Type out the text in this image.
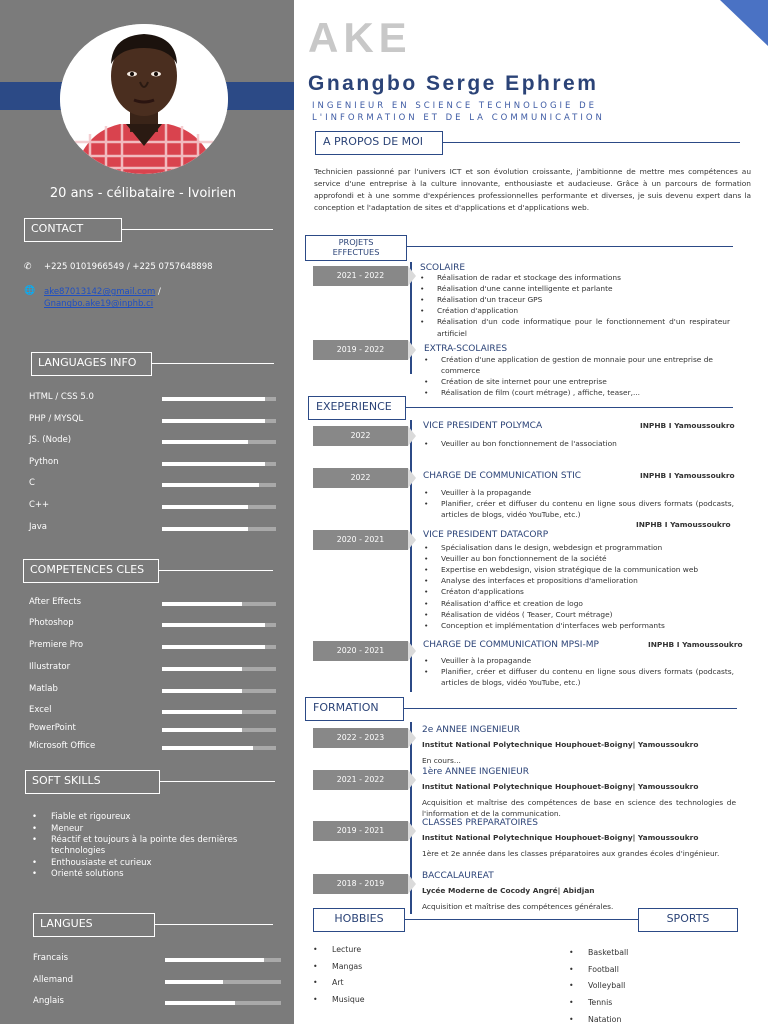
20 ans - célibataire - Ivoirien
CONTACT
✆	+225 0101966549 / +225 0757648898
🌐 ake87013142@gmail.com /
Gnangbo.ake19@inphb.ci
LANGUAGES INFO
HTML / CSS 5.0
PHP / MYSQL
JS. (Node)
Python
C
C++
Java
COMPETENCES CLES
After Effects
Photoshop
Premiere Pro
Illustrator
Matlab
Excel
PowerPoint
Microsoft Office
SOFT SKILLS
• Fiable et rigoureux
• Meneur
• Réactif et toujours à la pointe des dernières technologies
• Enthousiaste et curieux
• Orienté solutions
LANGUES
Francais
Allemand
Anglais
AKE
Gnangbo Serge Ephrem
INGENIEUR EN SCIENCE TECHNOLOGIE DE
L'INFORMATION ET DE LA COMMUNICATION
A PROPOS DE MOI
Technicien passionné par l'univers ICT et son évolution croissante, j'ambitionne de mettre mes compétences au service d'une entreprise à la culture innovante, enthousiaste et audacieuse. Grâce à un parcours de formation approfondi et à une somme d'expériences professionnelles performante et diverses, je suis devenu expert dans la conception et l'adaptation de sites et d'applications et d'applications web.
PROJETS
EFFECTUES
2021 - 2022
SCOLAIRE
• Réalisation de radar et stockage des informations
• Réalisation d'une canne intelligente et parlante
• Réalisation d'un traceur GPS
• Création d'application
• Réalisation d'un code informatique pour le fonctionnement d'un respirateur artificiel
2019 - 2022	EXTRA-SCOLAIRES
• Création d'une application de gestion de monnaie pour une entreprise de commerce
• Création de site internet pour une entreprise
• Réalisation de film (court métrage) , affiche, teaser,...
EXEPERIENCE
2022
VICE PRESIDENT POLYMCA	INPHB I Yamoussoukro
• Veuiller au bon fonctionnement de l'association
2022	CHARGE DE COMMUNICATION STIC	INPHB I Yamoussoukro
• Veuiller à la propagande
• Planifier, créer et diffuser du contenu en ligne sous divers formats (podcasts, articles de blogs, vidéo YouTube, etc.)
2020 - 2021	VICE PRESIDENT DATACORP
INPHB I Yamoussoukro
• Spécialisation dans le design, webdesign et programmation
• Veuiller au bon fonctionnement de la société
• Expertise en webdesign, vision stratégique de la communication web
• Analyse des interfaces et propositions d'amelioration
• Créaton d'applications
• Réalisation d'affice et creation de logo
• Réalisation de vidéos ( Teaser, Court métrage)
• Conception et implémentation d'interfaces web performants
2020 - 2021
CHARGE DE COMMUNICATION MPSI-MP	INPHB I Yamoussoukro
• Veuiller à la propagande
• Planifier, créer et diffuser du contenu en ligne sous divers formats (podcasts, articles de blogs, vidéo YouTube, etc.)
FORMATION
2022 - 2023
2e ANNEE INGENIEUR
Institut National Polytechnique Houphouet-Boigny| Yamoussoukro
En cours...
2021 - 2022
1ère ANNEE INGENIEUR
Institut National Polytechnique Houphouet-Boigny| Yamoussoukro
Acquisition et maîtrise des compétences de base en science des technologies de l'information et de la communication.
2019 - 2021
CLASSES PREPARATOIRES
Institut National Polytechnique Houphouet-Boigny| Yamoussoukro
1ère et 2e année dans les classes préparatoires aux grandes écoles d'ingénieur.
2018 - 2019
BACCALAUREAT
Lycée Moderne de Cocody Angré| Abidjan
Acquisition et maîtrise des compétences générales.
HOBBIES	SPORTS
• Lecture
• Mangas
• Art
• Musique
• Basketball
• Football
• Volleyball
• Tennis
• Natation
